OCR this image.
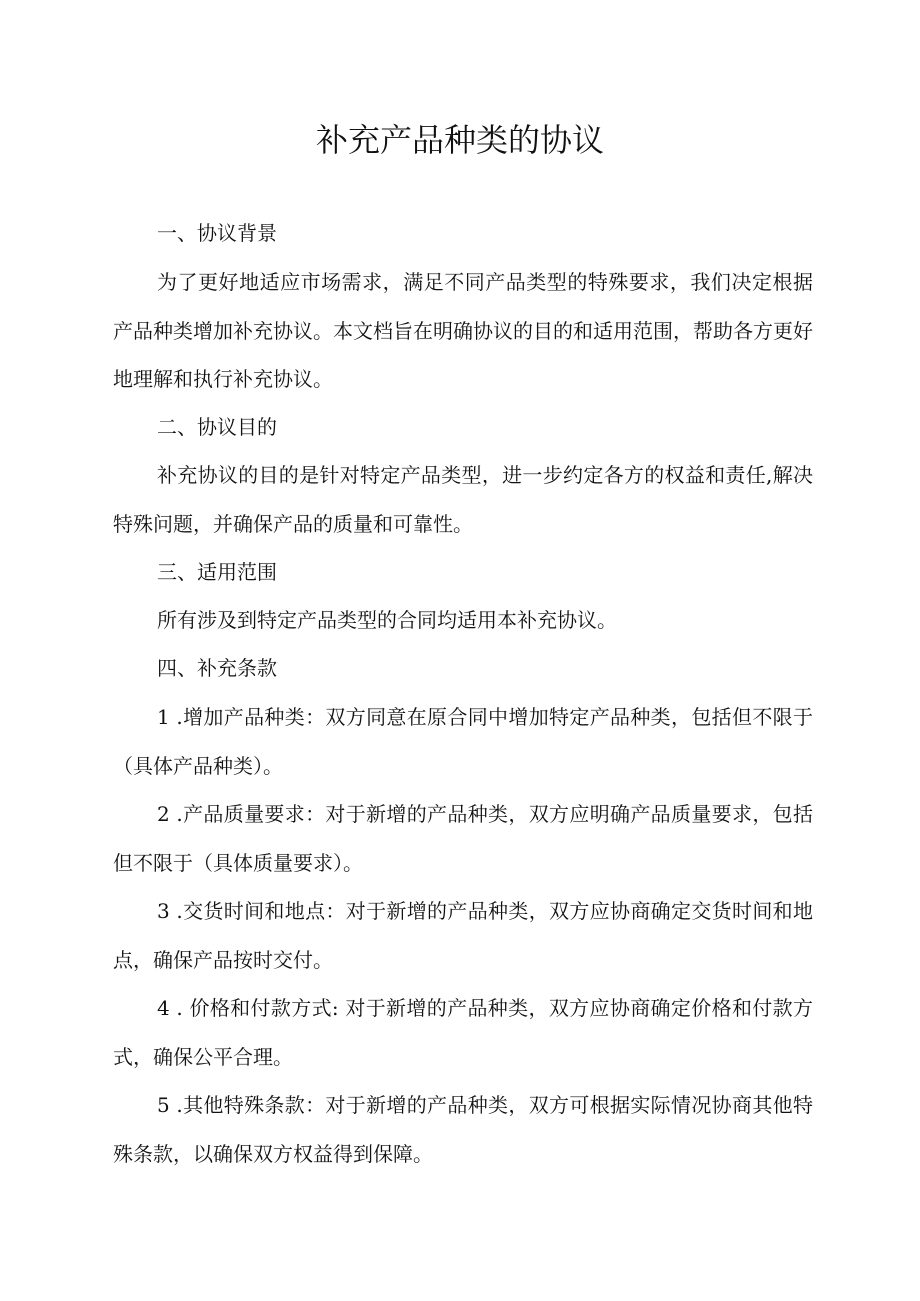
补充产品种类的协议

一、协议背景

为了更好地适应市场需求，满足不同产品类型的特殊要求，我们决定根据产品种类增加补充协议。本文档旨在明确协议的目的和适用范围，帮助各方更好地理解和执行补充协议。

二、协议目的

补充协议的目的是针对特定产品类型，进一步约定各方的权益和责任,解决特殊问题，并确保产品的质量和可靠性。

三、适用范围

所有涉及到特定产品类型的合同均适用本补充协议。

四、补充条款

1 .增加产品种类：双方同意在原合同中增加特定产品种类，包括但不限于（具体产品种类）。

2 .产品质量要求：对于新增的产品种类，双方应明确产品质量要求，包括但不限于（具体质量要求）。

3 .交货时间和地点：对于新增的产品种类，双方应协商确定交货时间和地点，确保产品按时交付。

4 . 价格和付款方式: 对于新增的产品种类，双方应协商确定价格和付款方式，确保公平合理。

5 .其他特殊条款：对于新增的产品种类，双方可根据实际情况协商其他特殊条款，以确保双方权益得到保障。
